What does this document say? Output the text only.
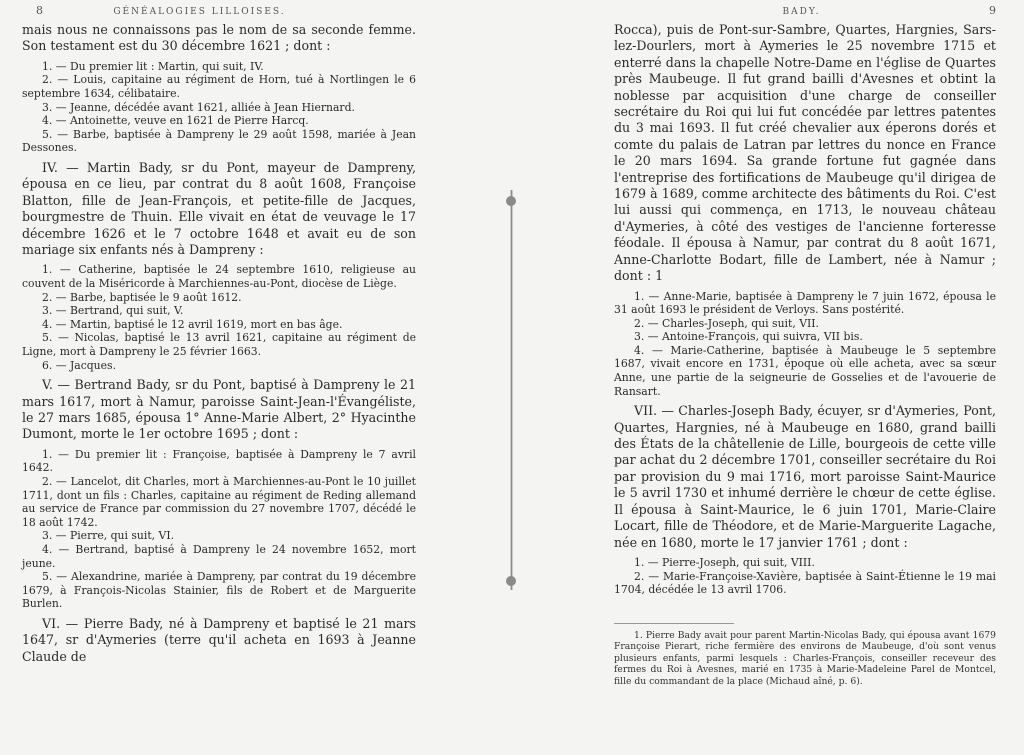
8	GÉNÉALOGIES LILLOISES.

mais nous ne connaissons pas le nom de sa seconde femme. Son testament est du 30 décembre 1621 ; dont :

1. — Du premier lit : Martin, qui suit, IV.

2. — Louis, capitaine au régiment de Horn, tué à Nortlingen le 6 septembre 1634, célibataire.

3. — Jeanne, décédée avant 1621, alliée à Jean Hiernard.

4. — Antoinette, veuve en 1621 de Pierre Harcq.

5. — Barbe, baptisée à Dampreny le 29 août 1598, mariée à Jean Dessones.

IV. — Martin Bady, sr du Pont, mayeur de Dampreny, épousa en ce lieu, par contrat du 8 août 1608, Françoise Blatton, fille de Jean-François, et petite-fille de Jacques, bourgmestre de Thuin. Elle vivait en état de veuvage le 17 décembre 1626 et le 7 octobre 1648 et avait eu de son mariage six enfants nés à Dampreny :

1. — Catherine, baptisée le 24 septembre 1610, religieuse au couvent de la Miséricorde à Marchiennes-au-Pont, diocèse de Liège.

2. — Barbe, baptisée le 9 août 1612.

3. — Bertrand, qui suit, V.

4. — Martin, baptisé le 12 avril 1619, mort en bas âge.

5. — Nicolas, baptisé le 13 avril 1621, capitaine au régiment de Ligne, mort à Dampreny le 25 février 1663.

6. — Jacques.

V. — Bertrand Bady, sr du Pont, baptisé à Dampreny le 21 mars 1617, mort à Namur, paroisse Saint-Jean-l'Évangéliste, le 27 mars 1685, épousa 1° Anne-Marie Albert, 2° Hyacinthe Dumont, morte le 1er octobre 1695 ; dont :

1. — Du premier lit : Françoise, baptisée à Dampreny le 7 avril 1642.

2. — Lancelot, dit Charles, mort à Marchiennes-au-Pont le 10 juillet 1711, dont un fils : Charles, capitaine au régiment de Reding allemand au service de France par commission du 27 novembre 1707, décédé le 18 août 1742.

3. — Pierre, qui suit, VI.

4. — Bertrand, baptisé à Dampreny le 24 novembre 1652, mort jeune.

5. — Alexandrine, mariée à Dampreny, par contrat du 19 décembre 1679, à François-Nicolas Stainier, fils de Robert et de Marguerite Burlen.

VI. — Pierre Bady, né à Dampreny et baptisé le 21 mars 1647, sr d'Aymeries (terre qu'il acheta en 1693 à Jeanne Claude de

BADY.	9

Rocca), puis de Pont-sur-Sambre, Quartes, Hargnies, Sars-lez-Dourlers, mort à Aymeries le 25 novembre 1715 et enterré dans la chapelle Notre-Dame en l'église de Quartes près Maubeuge. Il fut grand bailli d'Avesnes et obtint la noblesse par acquisition d'une charge de conseiller secrétaire du Roi qui lui fut concédée par lettres patentes du 3 mai 1693. Il fut créé chevalier aux éperons dorés et comte du palais de Latran par lettres du nonce en France le 20 mars 1694. Sa grande fortune fut gagnée dans l'entreprise des fortifications de Maubeuge qu'il dirigea de 1679 à 1689, comme architecte des bâtiments du Roi. C'est lui aussi qui commença, en 1713, le nouveau château d'Aymeries, à côté des vestiges de l'ancienne forteresse féodale. Il épousa à Namur, par contrat du 8 août 1671, Anne-Charlotte Bodart, fille de Lambert, née à Namur ; dont : 1

1. — Anne-Marie, baptisée à Dampreny le 7 juin 1672, épousa le 31 août 1693 le président de Verloys. Sans postérité.

2. — Charles-Joseph, qui suit, VII.

3. — Antoine-François, qui suivra, VII bis.

4. — Marie-Catherine, baptisée à Maubeuge le 5 septembre 1687, vivait encore en 1731, époque où elle acheta, avec sa sœur Anne, une partie de la seigneurie de Gosselies et de l'avouerie de Ransart.

VII. — Charles-Joseph Bady, écuyer, sr d'Aymeries, Pont, Quartes, Hargnies, né à Maubeuge en 1680, grand bailli des États de la châtellenie de Lille, bourgeois de cette ville par achat du 2 décembre 1701, conseiller secrétaire du Roi par provision du 9 mai 1716, mort paroisse Saint-Maurice le 5 avril 1730 et inhumé derrière le chœur de cette église. Il épousa à Saint-Maurice, le 6 juin 1701, Marie-Claire Locart, fille de Théodore, et de Marie-Marguerite Lagache, née en 1680, morte le 17 janvier 1761 ; dont :

1. — Pierre-Joseph, qui suit, VIII.

2. — Marie-Françoise-Xavière, baptisée à Saint-Étienne le 19 mai 1704, décédée le 13 avril 1706.

1. Pierre Bady avait pour parent Martin-Nicolas Bady, qui épousa avant 1679 Françoise Pierart, riche fermière des environs de Maubeuge, d'où sont venus plusieurs enfants, parmi lesquels : Charles-François, conseiller receveur des fermes du Roi à Avesnes, marié en 1735 à Marie-Madeleine Parel de Montcel, fille du commandant de la place (Michaud aîné, p. 6).
